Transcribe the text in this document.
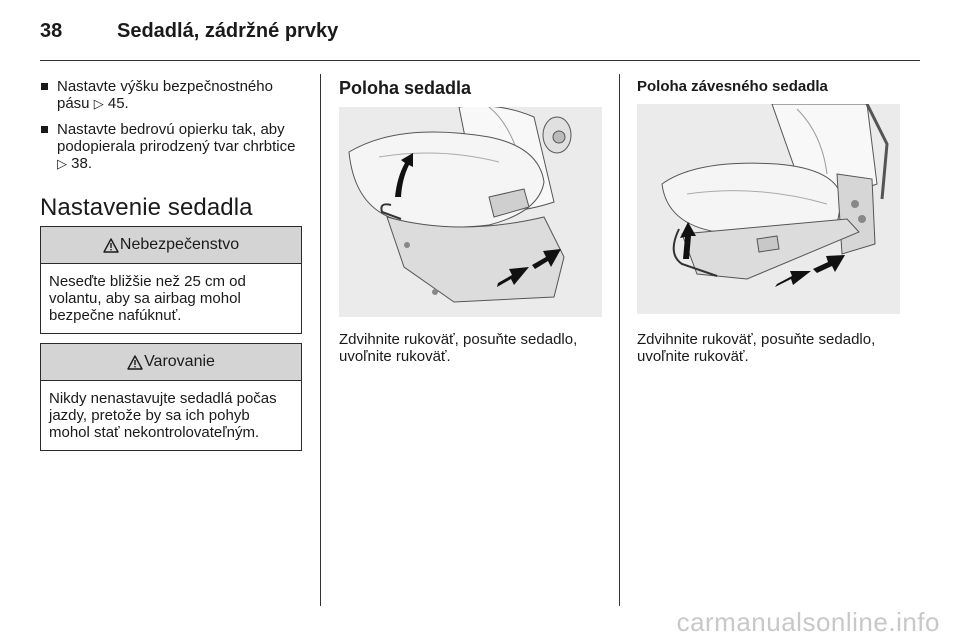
38	Sedadlá, zádržné prvky
Nastavte výšku bezpečnostného pásu ▷ 45.
Nastavte bedrovú opierku tak, aby podopierala prirodzený tvar chrbtice ▷ 38.
Nastavenie sedadla
Nebezpečenstvo
Neseďte bližšie než 25 cm od volantu, aby sa airbag mohol bezpečne nafúknuť.
Varovanie
Nikdy nenastavujte sedadlá počas jazdy, pretože by sa ich pohyb mohol stať nekontrolovateľným.
Poloha sedadla
Zdvihnite rukoväť, posuňte sedadlo, uvoľnite rukoväť.
Poloha závesného sedadla
Zdvihnite rukoväť, posuňte sedadlo, uvoľnite rukoväť.
carmanualsonline.info
